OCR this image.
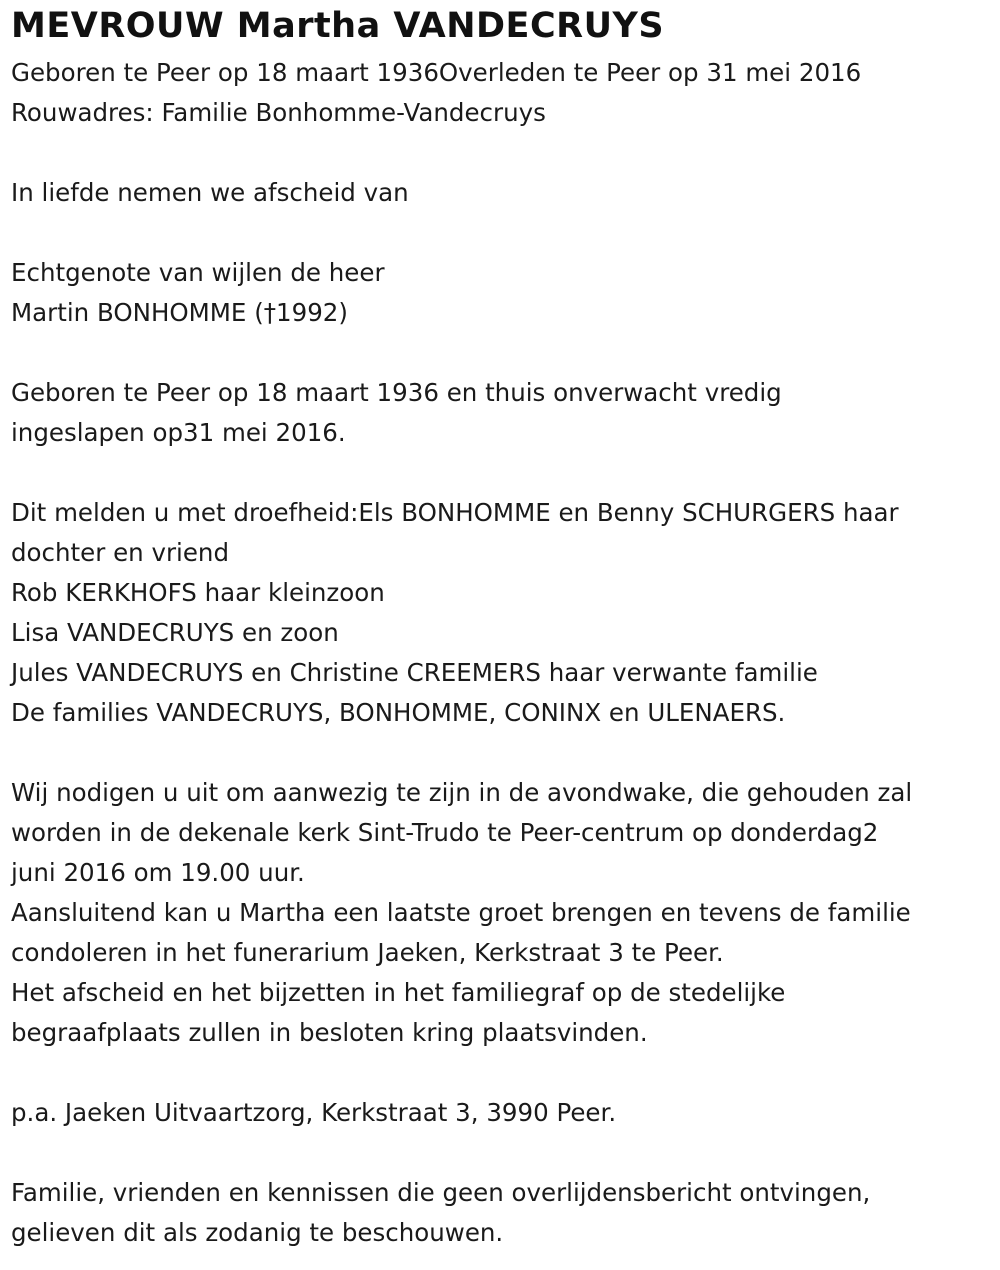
MEVROUW Martha VANDECRUYS
Geboren te Peer op 18 maart 1936Overleden te Peer op 31 mei 2016
Rouwadres: Familie Bonhomme-Vandecruys
In liefde nemen we afscheid van
Echtgenote van wijlen de heer
Martin BONHOMME (†1992)
Geboren te Peer op 18 maart 1936 en thuis onverwacht vredig
ingeslapen op31 mei 2016.
Dit melden u met droefheid:Els BONHOMME en Benny SCHURGERS haar
dochter en vriend
Rob KERKHOFS haar kleinzoon
Lisa VANDECRUYS en zoon
Jules VANDECRUYS en Christine CREEMERS haar verwante familie
De families VANDECRUYS, BONHOMME, CONINX en ULENAERS.
Wij nodigen u uit om aanwezig te zijn in de avondwake, die gehouden zal
worden in de dekenale kerk Sint-Trudo te Peer-centrum op donderdag2
juni 2016 om 19.00 uur.
Aansluitend kan u Martha een laatste groet brengen en tevens de familie
condoleren in het funerarium Jaeken, Kerkstraat 3 te Peer.
Het afscheid en het bijzetten in het familiegraf op de stedelijke
begraafplaats zullen in besloten kring plaatsvinden.
p.a. Jaeken Uitvaartzorg, Kerkstraat 3, 3990 Peer.
Familie, vrienden en kennissen die geen overlijdensbericht ontvingen,
gelieven dit als zodanig te beschouwen.
